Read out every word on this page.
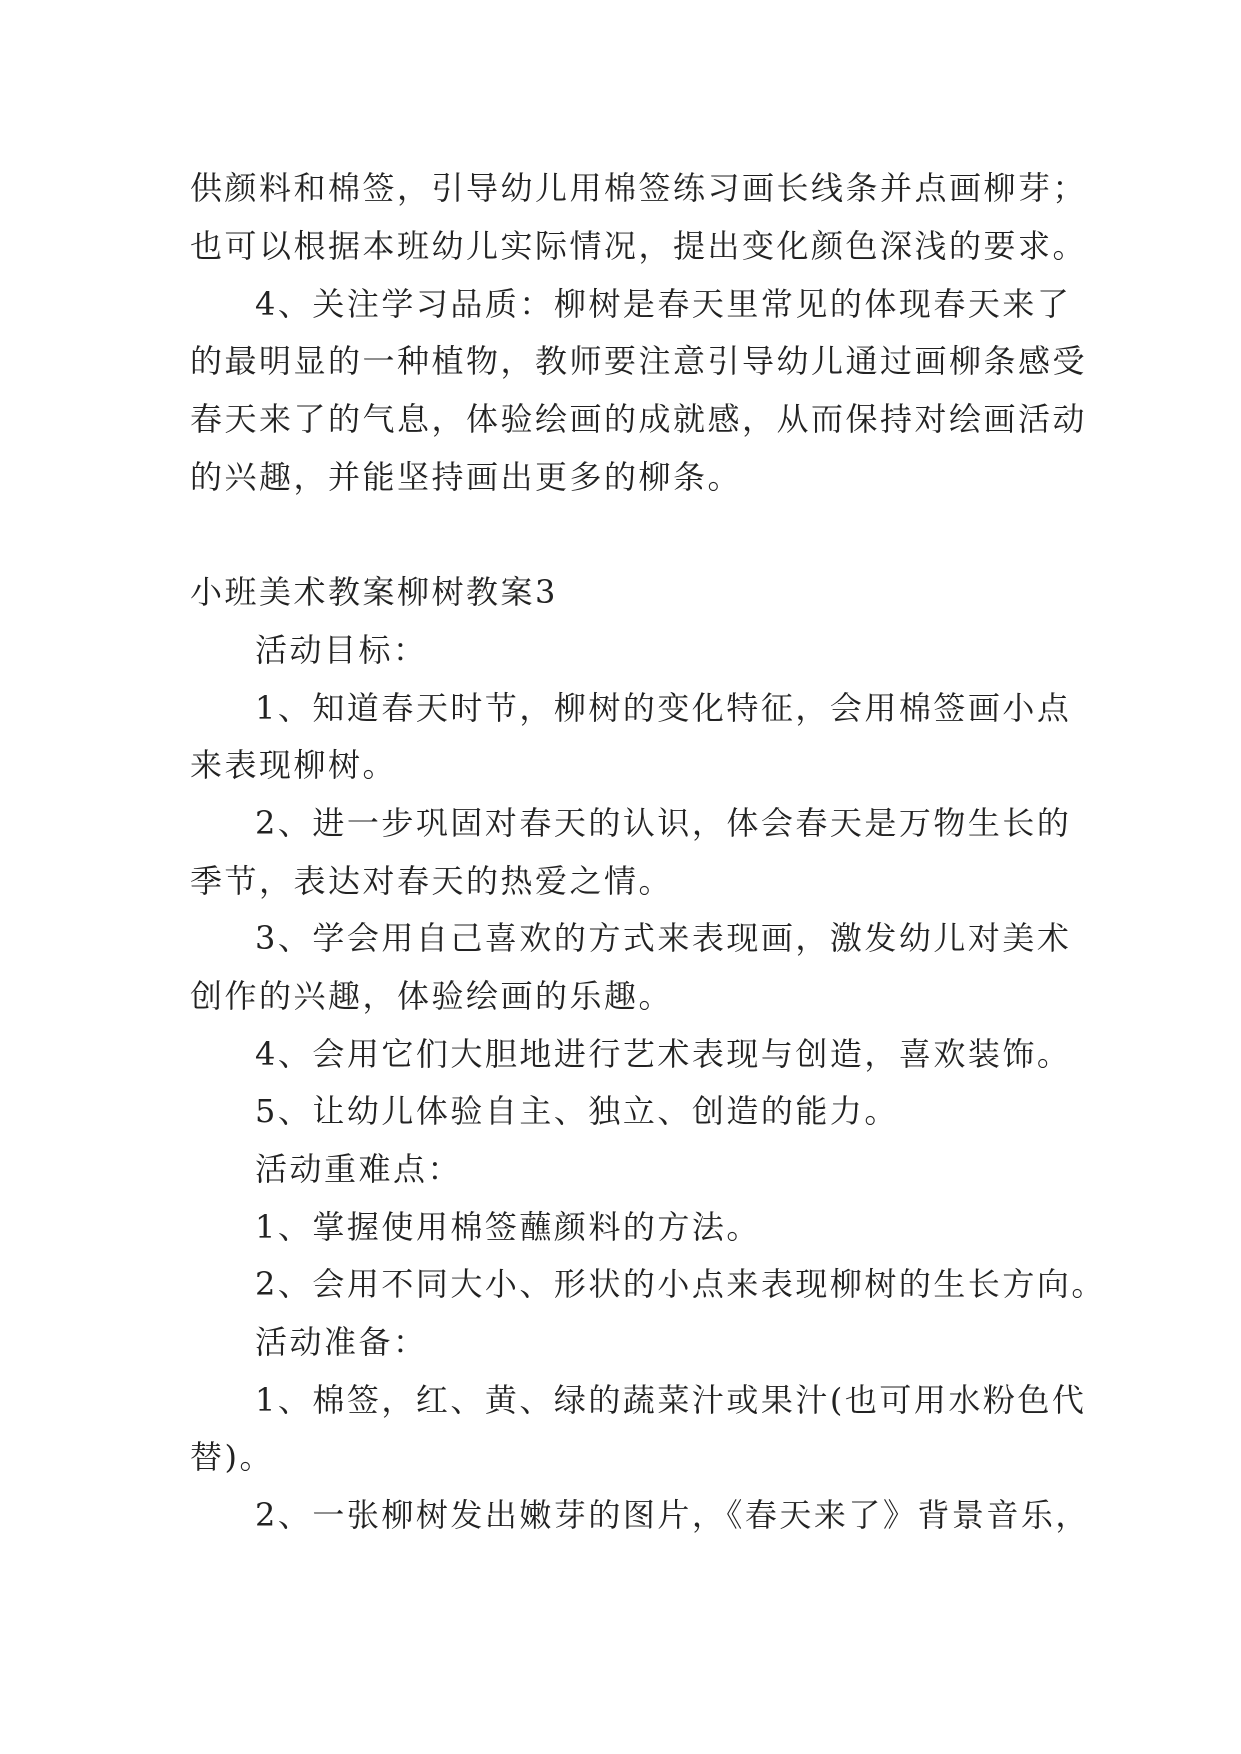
供颜料和棉签，引导幼儿用棉签练习画长线条并点画柳芽；
也可以根据本班幼儿实际情况，提出变化颜色深浅的要求。
4、关注学习品质：柳树是春天里常见的体现春天来了
的最明显的一种植物，教师要注意引导幼儿通过画柳条感受
春天来了的气息，体验绘画的成就感，从而保持对绘画活动
的兴趣，并能坚持画出更多的柳条。
小班美术教案柳树教案3
活动目标：
1、知道春天时节，柳树的变化特征，会用棉签画小点
来表现柳树。
2、进一步巩固对春天的认识，体会春天是万物生长的
季节，表达对春天的热爱之情。
3、学会用自己喜欢的方式来表现画，激发幼儿对美术
创作的兴趣，体验绘画的乐趣。
4、会用它们大胆地进行艺术表现与创造，喜欢装饰。
5、让幼儿体验自主、独立、创造的能力。
活动重难点：
1、掌握使用棉签蘸颜料的方法。
2、会用不同大小、形状的小点来表现柳树的生长方向。
活动准备：
1、棉签，红、黄、绿的蔬菜汁或果汁(也可用水粉色代
替)。
2、一张柳树发出嫩芽的图片，《春天来了》背景音乐，
